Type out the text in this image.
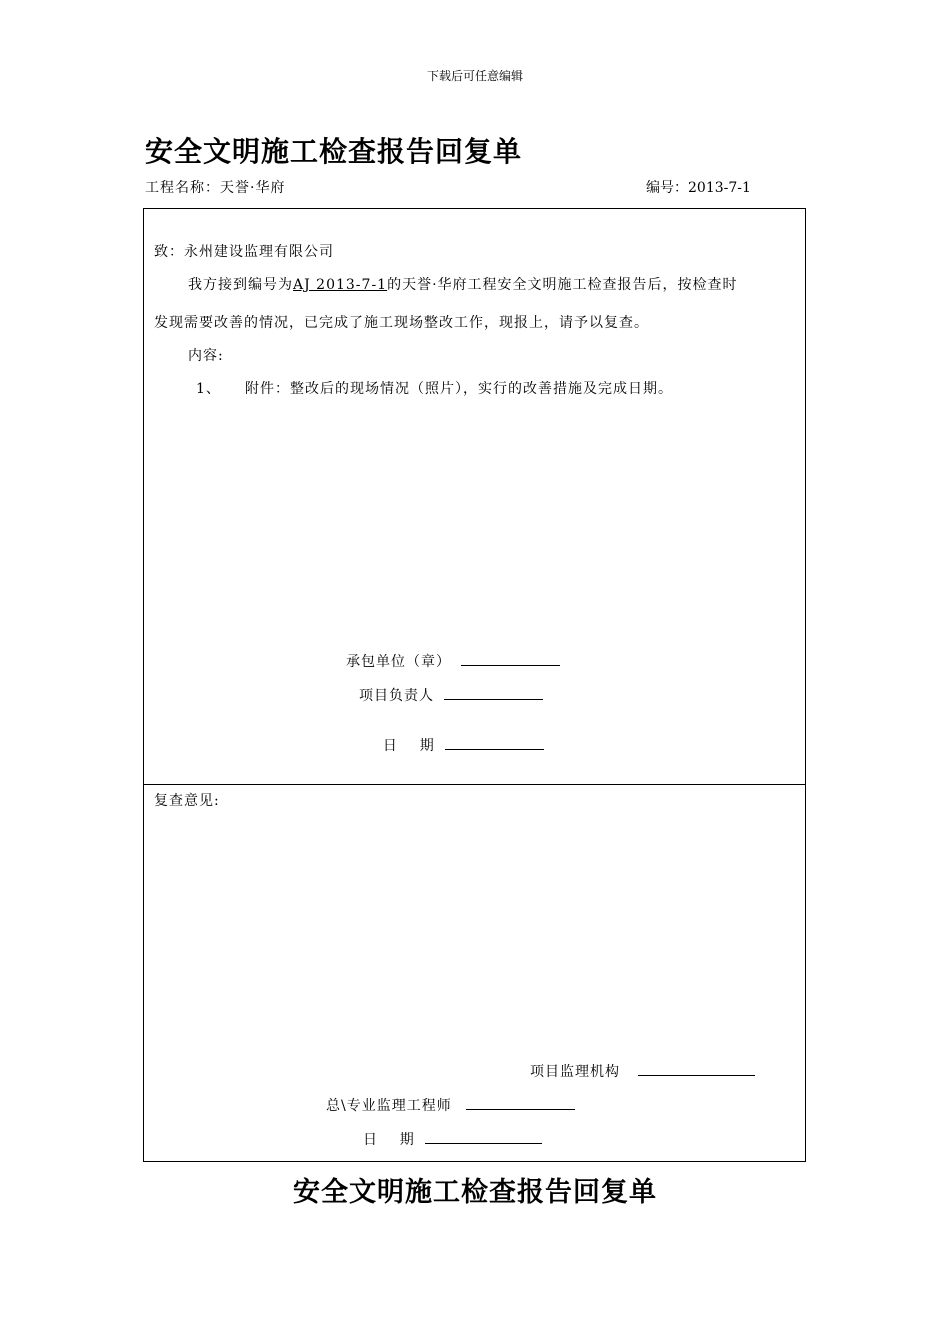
下载后可任意编辑
安全文明施工检查报告回复单
工程名称：天誉·华府	编号：2013-7-1
致：永州建设监理有限公司
我方接到编号为AJ 2013-7-1的天誉·华府工程安全文明施工检查报告后，按检查时
发现需要改善的情况，已完成了施工现场整改工作，现报上，请予以复查。
内容:
1、 附件：整改后的现场情况（照片），实行的改善措施及完成日期。
承包单位（章）
项目负责人

日    期

复查意见:
项目监理机构
总\专业监理工程师
日    期
安全文明施工检查报告回复单
